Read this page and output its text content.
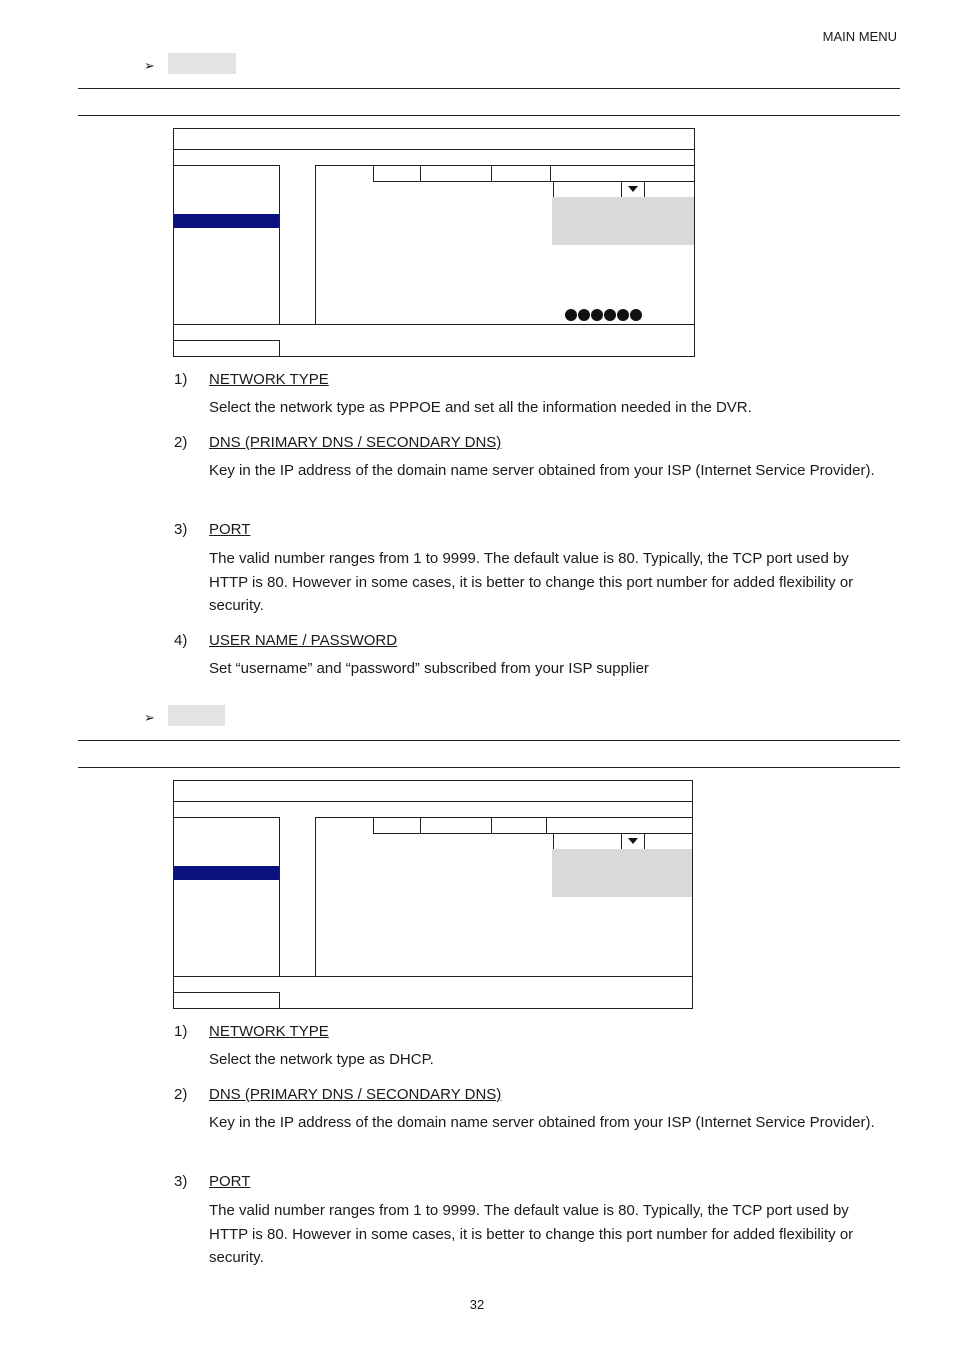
MAIN MENU
➢
1) NETWORK TYPE
Select the network type as PPPOE and set all the information needed in the DVR.
2) DNS (PRIMARY DNS / SECONDARY DNS)
Key in the IP address of the domain name server obtained from your ISP (Internet Service Provider).
3) PORT
The valid number ranges from 1 to 9999. The default value is 80. Typically, the TCP port used by HTTP is 80. However in some cases, it is better to change this port number for added flexibility or security.
4) USER NAME / PASSWORD
Set “username” and “password” subscribed from your ISP supplier
➢
1) NETWORK TYPE
Select the network type as DHCP.
2) DNS (PRIMARY DNS / SECONDARY DNS)
Key in the IP address of the domain name server obtained from your ISP (Internet Service Provider).
3) PORT
The valid number ranges from 1 to 9999. The default value is 80. Typically, the TCP port used by HTTP is 80. However in some cases, it is better to change this port number for added flexibility or security.
32
